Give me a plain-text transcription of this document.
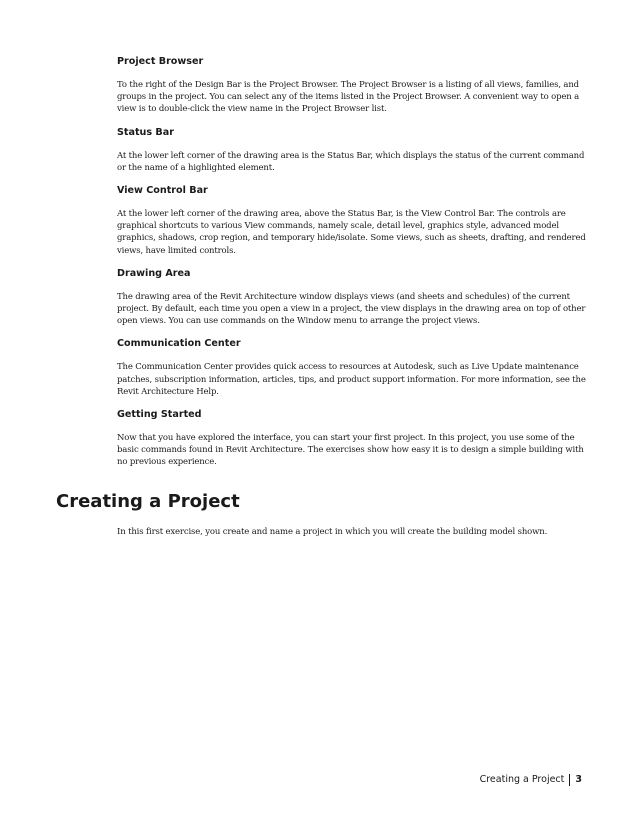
Project Browser

To the right of the Design Bar is the Project Browser. The Project Browser is a listing of all views, families, and groups in the project. You can select any of the items listed in the Project Browser. A convenient way to open a view is to double-click the view name in the Project Browser list.

Status Bar

At the lower left corner of the drawing area is the Status Bar, which displays the status of the current command or the name of a highlighted element.

View Control Bar

At the lower left corner of the drawing area, above the Status Bar, is the View Control Bar. The controls are graphical shortcuts to various View commands, namely scale, detail level, graphics style, advanced model graphics, shadows, crop region, and temporary hide/isolate. Some views, such as sheets, drafting, and rendered views, have limited controls.

Drawing Area

The drawing area of the Revit Architecture window displays views (and sheets and schedules) of the current project. By default, each time you open a view in a project, the view displays in the drawing area on top of other open views. You can use commands on the Window menu to arrange the project views.

Communication Center

The Communication Center provides quick access to resources at Autodesk, such as Live Update maintenance patches, subscription information, articles, tips, and product support information. For more information, see the Revit Architecture Help.

Getting Started

Now that you have explored the interface, you can start your first project. In this project, you use some of the basic commands found in Revit Architecture. The exercises show how easy it is to design a simple building with no previous experience.

Creating a Project

In this first exercise, you create and name a project in which you will create the building model shown.

Creating a Project 3
